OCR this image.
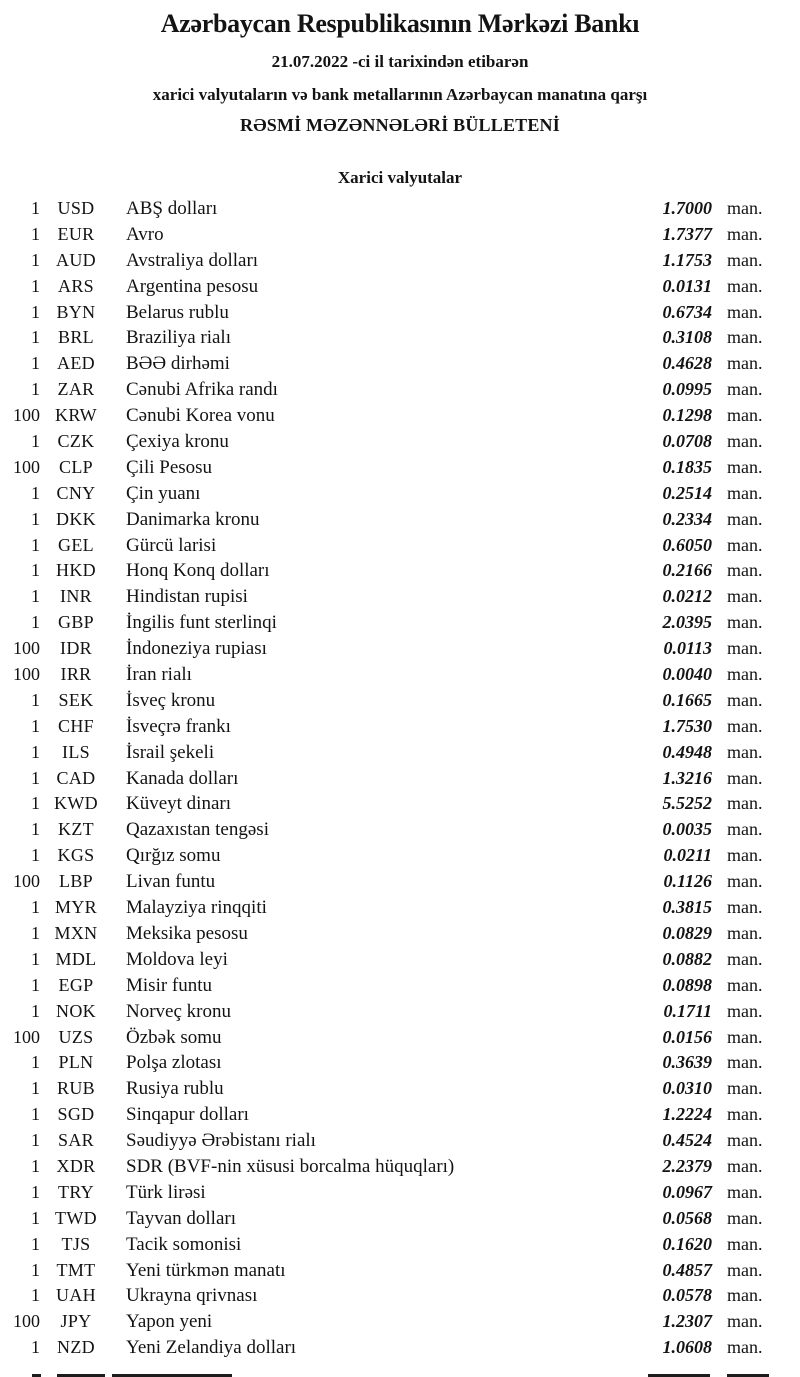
Azərbaycan Respublikasının Mərkəzi Bankı
21.07.2022 -ci il tarixindən etibarən
xarici valyutaların və bank metallarının Azərbaycan manatına qarşı
RƏSMİ MƏZƏNNƏLƏRİ BÜLLETENİ
Xarici valyutalar
1 USD	ABŞ dolları	1.7000 man.
1 EUR	Avro	1.7377 man.
1 AUD	Avstraliya dolları	1.1753 man.
1	ARS	Argentina pesosu	0.0131 man.
1 BYN	Belarus rublu	0.6734 man.
1	BRL	Braziliya rialı	0.3108 man.
1 AED	BƏƏ dirhəmi	0.4628 man.
1 ZAR	Cənubi Afrika randı	0.0995 man.
100 KRW	Cənubi Korea vonu	0.1298 man.
1 CZK	Çexiya kronu	0.0708 man.
100	CLP	Çili Pesosu	0.1835 man.
1 CNY	Çin yuanı	0.2514 man.
1 DKK	Danimarka kronu	0.2334 man.
1	GEL	Gürcü larisi	0.6050 man.
1 HKD	Honq Konq dolları	0.2166 man.
1	INR	Hindistan rupisi	0.0212 man.
1	GBP	İngilis funt sterlinqi	2.0395 man.
100	IDR	İndoneziya rupiası	0.0113 man.
100	IRR	İran rialı	0.0040 man.
1	SEK	İsveç kronu	0.1665 man.
1	CHF	İsveçrə frankı	1.7530 man.
1	ILS	İsrail şekeli	0.4948 man.
1 CAD	Kanada dolları	1.3216 man.
1 KWD	Küveyt dinarı	5.5252 man.
1	KZT	Qazaxıstan tengəsi	0.0035 man.
1 KGS	Qırğız somu	0.0211 man.
100	LBP	Livan funtu	0.1126 man.
1 MYR	Malayziya rinqqiti	0.3815 man.
1 MXN	Meksika pesosu	0.0829 man.
1 MDL	Moldova leyi	0.0882 man.
1	EGP	Misir funtu	0.0898 man.
1 NOK	Norveç kronu	0.1711 man.
100	UZS	Özbək somu	0.0156 man.
1	PLN	Polşa zlotası	0.3639 man.
1 RUB	Rusiya rublu	0.0310 man.
1 SGD	Sinqapur dolları	1.2224 man.
1	SAR	Səudiyyə Ərəbistanı rialı	0.4524 man.
1 XDR	SDR (BVF-nin xüsusi borcalma hüquqları)	2.2379 man.
1	TRY	Türk lirəsi	0.0967 man.
1 TWD	Tayvan dolları	0.0568 man.
1	TJS	Tacik somonisi	0.1620 man.
1 TMT	Yeni türkmən manatı	0.4857 man.
1 UAH	Ukrayna qrivnası	0.0578 man.
100	JPY	Yapon yeni	1.2307 man.
1 NZD	Yeni Zelandiya dolları	1.0608 man.
